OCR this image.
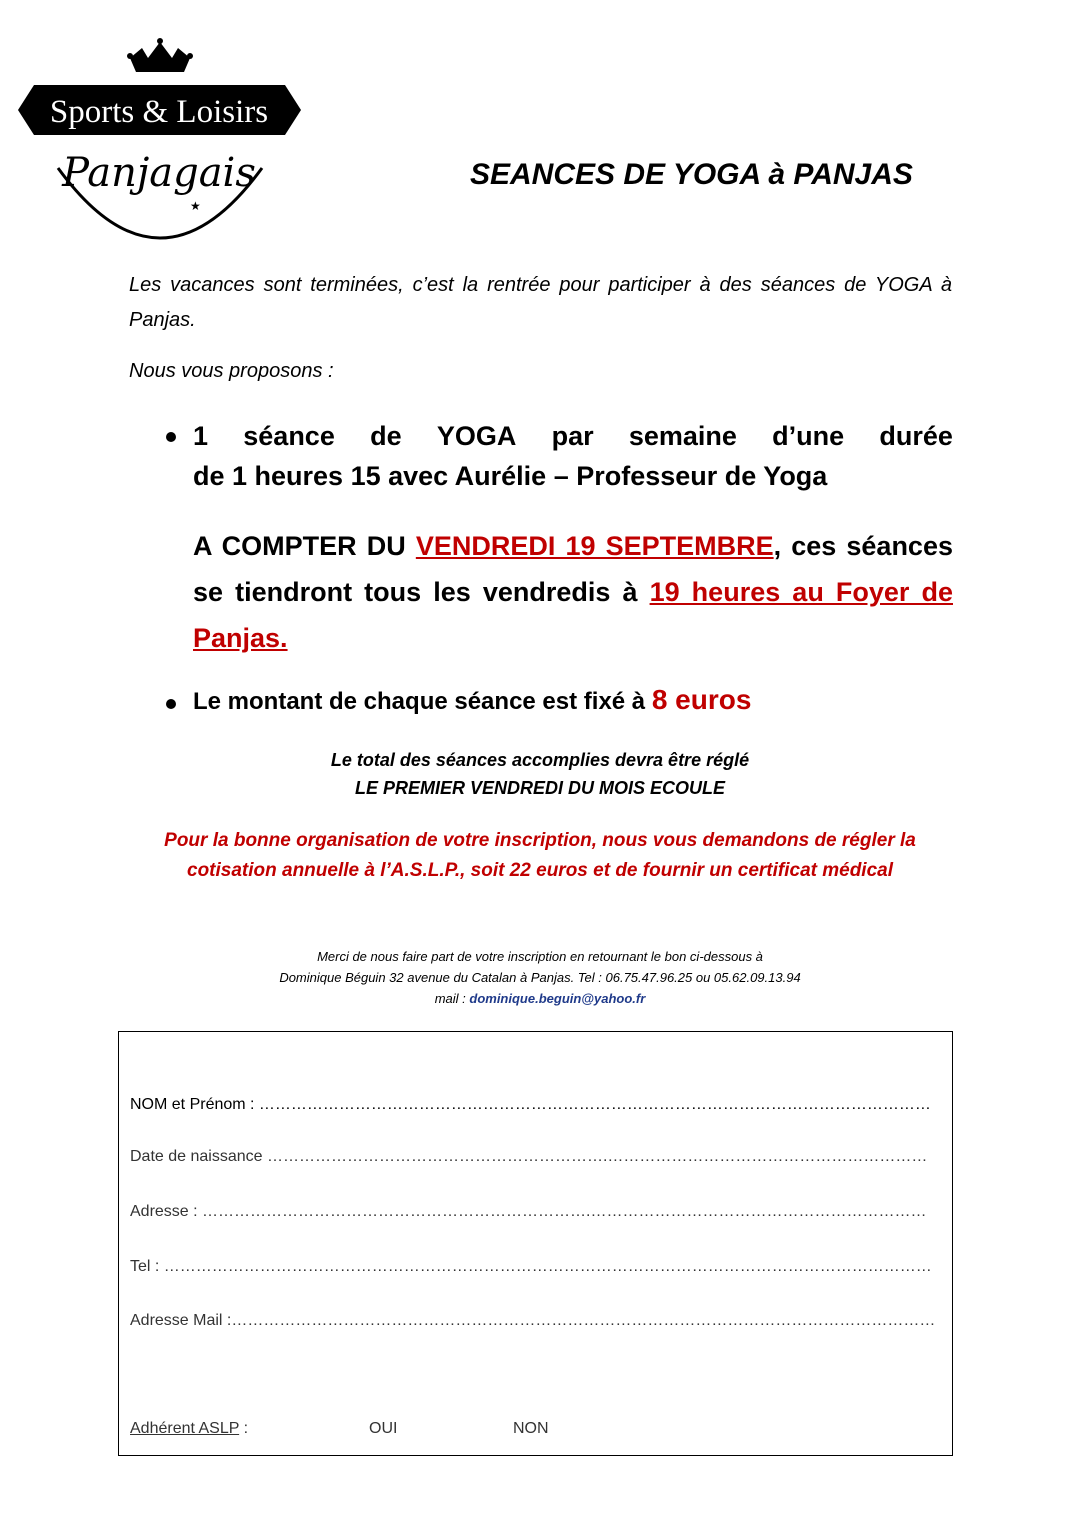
Sports & Loisirs
Panjagais
★
SEANCES DE YOGA à PANJAS

Les vacances sont terminées, c’est la rentrée pour participer à des séances de YOGA à Panjas.

Nous vous proposons :

1 séance de YOGA par semaine d’une durée
de 1 heures 15 avec Aurélie – Professeur de Yoga

A COMPTER DU VENDREDI 19 SEPTEMBRE, ces séances se tiendront tous les vendredis à 19 heures au Foyer de Panjas.

Le montant de chaque séance est fixé à 8 euros

Le total des séances accomplies devra être réglé
LE PREMIER VENDREDI DU MOIS ECOULE

Pour la bonne organisation de votre inscription, nous vous demandons de régler la
cotisation annuelle à l’A.S.L.P., soit 22 euros et de fournir un certificat médical

Merci de nous faire part de votre inscription en retournant le bon ci-dessous à
Dominique Béguin 32 avenue du Catalan à Panjas. Tel : 06.75.47.96.25 ou 05.62.09.13.94
mail : dominique.beguin@yahoo.fr

NOM et Prénom : ………………………………………………………………………………………………………………
Date de naissance ……………………………………………………….……………………………………………………
Adresse : ……………………………………………………………….………………………………………………………
Tel : ………………………………………………………………………………………………………………………………
Adresse Mail :……………………………………………………………………………………………………………………
Adhérent ASLP :	OUI	NON
